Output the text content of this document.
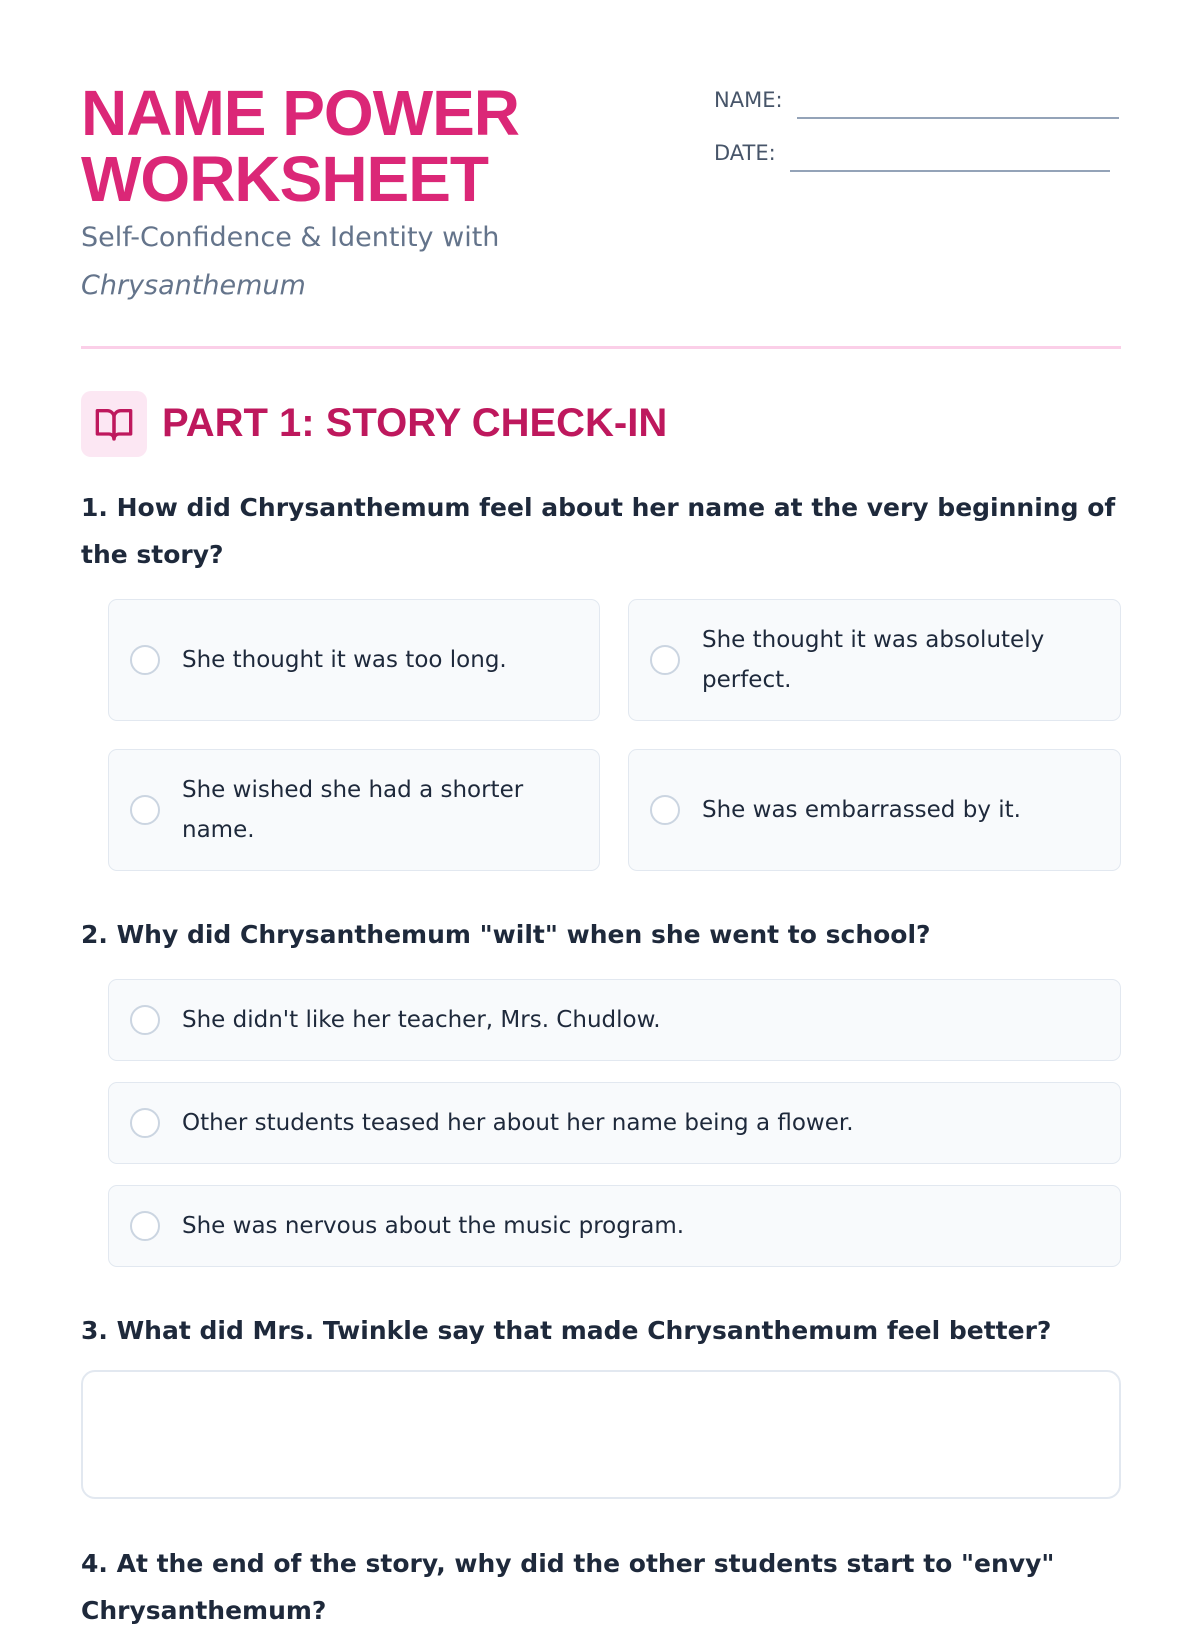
NAME POWER
WORKSHEET

Self-Confidence & Identity with
Chrysanthemum

NAME:
DATE:
PART 1: STORY CHECK-IN

1. How did Chrysanthemum feel about her name at the very beginning of the story?

She thought it was too long.
She thought it was absolutely perfect.
She wished she had a shorter name.
She was embarrassed by it.

2. Why did Chrysanthemum "wilt" when she went to school?

She didn't like her teacher, Mrs. Chudlow.
Other students teased her about her name being a flower.
She was nervous about the music program.

3. What did Mrs. Twinkle say that made Chrysanthemum feel better?

4. At the end of the story, why did the other students start to "envy" Chrysanthemum?
